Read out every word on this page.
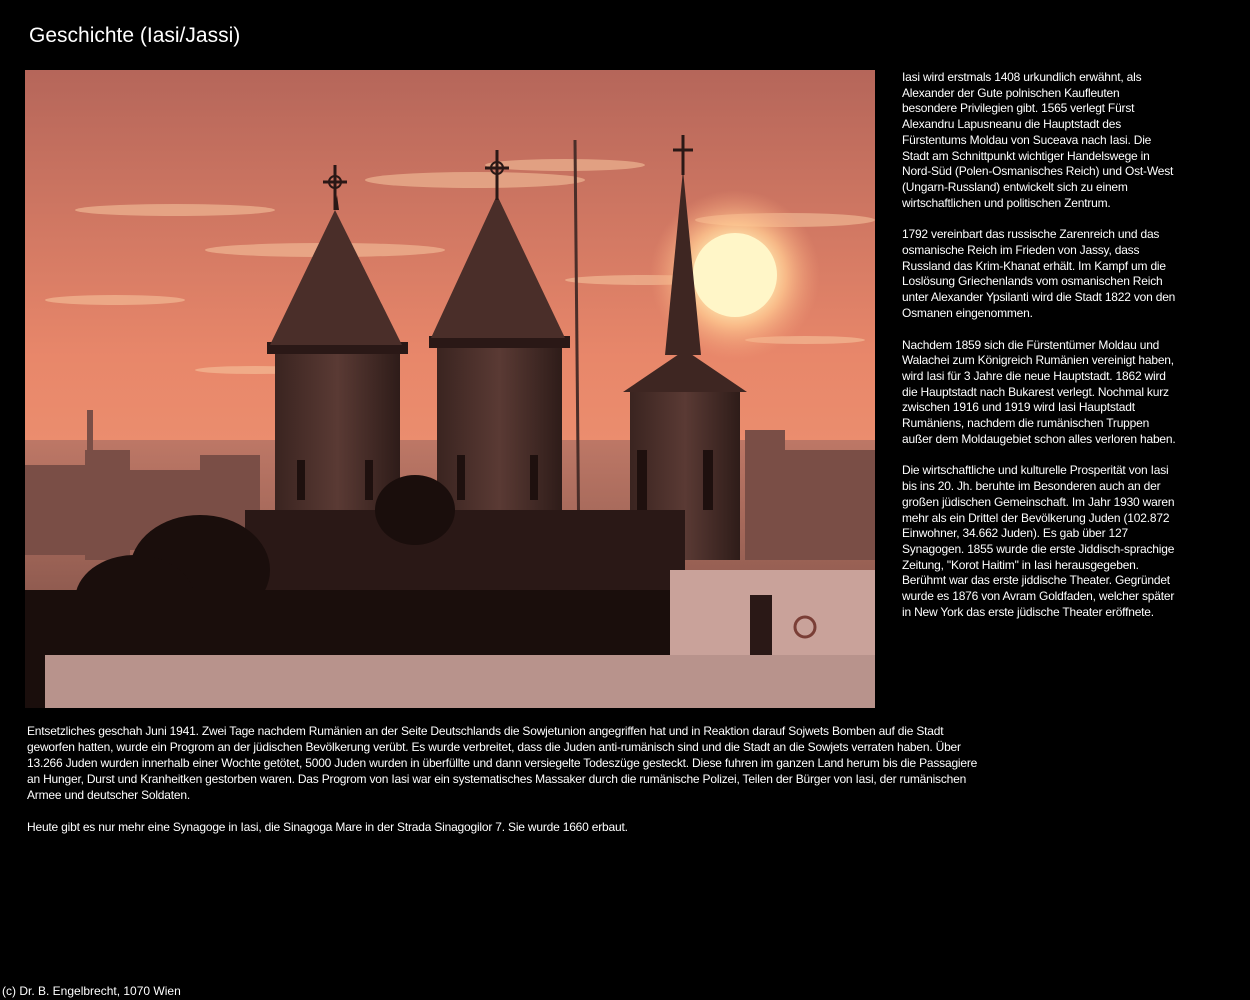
Geschichte (Iasi/Jassi)

Iasi wird erstmals 1408 urkundlich erwähnt, als Alexander der Gute polnischen Kaufleuten besondere Privilegien gibt. 1565 verlegt Fürst Alexandru Lapusneanu die Hauptstadt des Fürstentums Moldau von Suceava nach Iasi. Die Stadt am Schnittpunkt wichtiger Handelswege in Nord-Süd (Polen-Osmanisches Reich) und Ost-West (Ungarn-Russland) entwickelt sich zu einem wirtschaftlichen und politischen Zentrum.

1792 vereinbart das russische Zarenreich und das osmanische Reich im Frieden von Jassy, dass Russland das Krim-Khanat erhält. Im Kampf um die Loslösung Griechenlands vom osmanischen Reich unter Alexander Ypsilanti wird die Stadt 1822 von den Osmanen eingenommen.

Nachdem 1859 sich die Fürstentümer Moldau und Walachei zum Königreich Rumänien vereinigt haben, wird Iasi für 3 Jahre die neue Hauptstadt. 1862 wird die Hauptstadt nach Bukarest verlegt. Nochmal kurz zwischen 1916 und 1919 wird Iasi Hauptstadt Rumäniens, nachdem die rumänischen Truppen außer dem Moldaugebiet schon alles verloren haben.

Die wirtschaftliche und kulturelle Prosperität von Iasi bis ins 20. Jh. beruhte im Besonderen auch an der großen jüdischen Gemeinschaft. Im Jahr 1930 waren mehr als ein Drittel der Bevölkerung Juden (102.872 Einwohner, 34.662 Juden). Es gab über 127 Synagogen. 1855 wurde die erste Jiddisch-sprachige Zeitung, "Korot Haitim" in Iasi herausgegeben. Berühmt war das erste jiddische Theater. Gegründet wurde es 1876 von Avram Goldfaden, welcher später in New York das erste jüdische Theater eröffnete.

Entsetzliches geschah Juni 1941. Zwei Tage nachdem Rumänien an der Seite Deutschlands die Sowjetunion angegriffen hat und in Reaktion darauf Sojwets Bomben auf die Stadt geworfen hatten, wurde ein Progrom an der jüdischen Bevölkerung verübt. Es wurde verbreitet, dass die Juden anti-rumänisch sind und die Stadt an die Sowjets verraten haben. Über 13.266 Juden wurden innerhalb einer Wochte getötet, 5000 Juden wurden in überfüllte und dann versiegelte Todeszüge gesteckt. Diese fuhren im ganzen Land herum bis die Passagiere an Hunger, Durst und Kranheitken gestorben waren. Das Progrom von Iasi war ein systematisches Massaker durch die rumänische Polizei, Teilen der Bürger von Iasi, der rumänischen Armee und deutscher Soldaten.

Heute gibt es nur mehr eine Synagoge in Iasi, die Sinagoga Mare in der Strada Sinagogilor 7. Sie wurde 1660 erbaut.

(c) Dr. B. Engelbrecht, 1070 Wien
